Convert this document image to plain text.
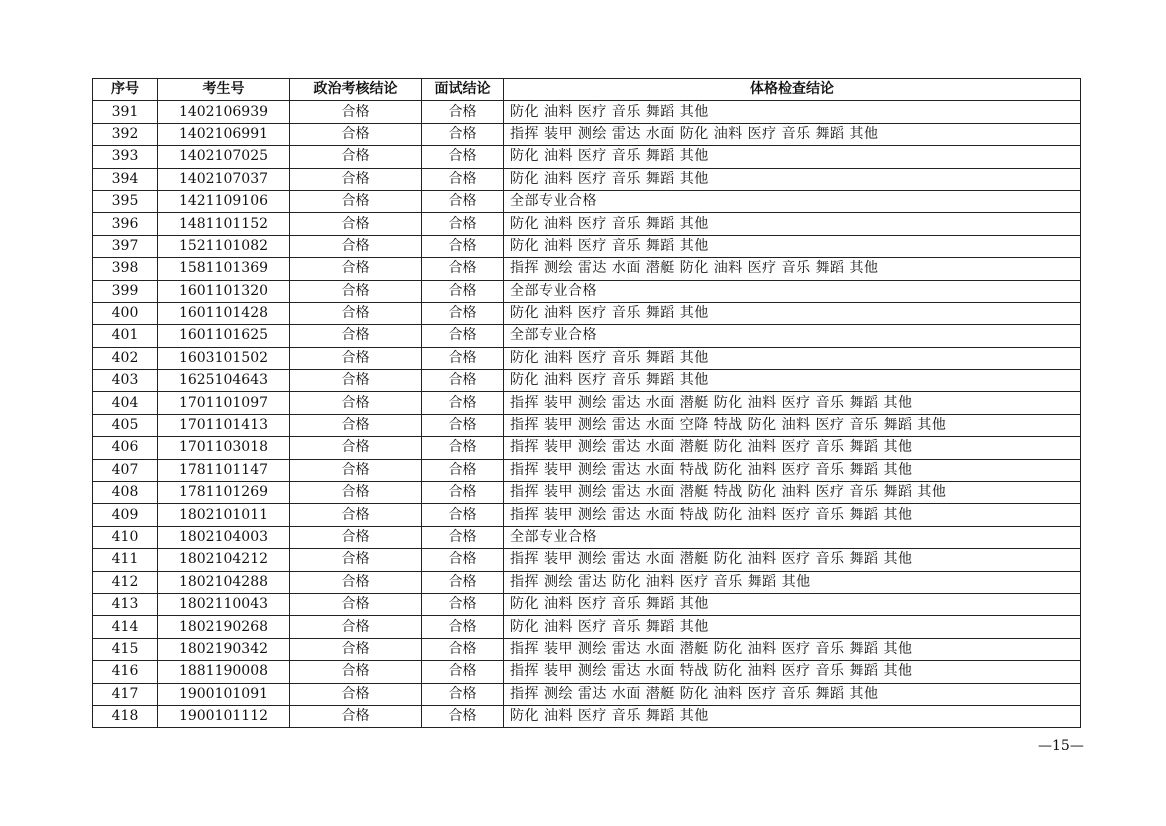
序号	考生号	政治考核结论	面试结论	体格检查结论
391	1402106939	合格	合格	防化 油料 医疗 音乐 舞蹈 其他
392	1402106991	合格	合格	指挥 装甲 测绘 雷达 水面 防化 油料 医疗 音乐 舞蹈 其他
393	1402107025	合格	合格	防化 油料 医疗 音乐 舞蹈 其他
394	1402107037	合格	合格	防化 油料 医疗 音乐 舞蹈 其他
395	1421109106	合格	合格	全部专业合格
396	1481101152	合格	合格	防化 油料 医疗 音乐 舞蹈 其他
397	1521101082	合格	合格	防化 油料 医疗 音乐 舞蹈 其他
398	1581101369	合格	合格	指挥 测绘 雷达 水面 潜艇 防化 油料 医疗 音乐 舞蹈 其他
399	1601101320	合格	合格	全部专业合格
400	1601101428	合格	合格	防化 油料 医疗 音乐 舞蹈 其他
401	1601101625	合格	合格	全部专业合格
402	1603101502	合格	合格	防化 油料 医疗 音乐 舞蹈 其他
403	1625104643	合格	合格	防化 油料 医疗 音乐 舞蹈 其他
404	1701101097	合格	合格	指挥 装甲 测绘 雷达 水面 潜艇 防化 油料 医疗 音乐 舞蹈 其他
405	1701101413	合格	合格	指挥 装甲 测绘 雷达 水面 空降 特战 防化 油料 医疗 音乐 舞蹈 其他
406	1701103018	合格	合格	指挥 装甲 测绘 雷达 水面 潜艇 防化 油料 医疗 音乐 舞蹈 其他
407	1781101147	合格	合格	指挥 装甲 测绘 雷达 水面 特战 防化 油料 医疗 音乐 舞蹈 其他
408	1781101269	合格	合格	指挥 装甲 测绘 雷达 水面 潜艇 特战 防化 油料 医疗 音乐 舞蹈 其他
409	1802101011	合格	合格	指挥 装甲 测绘 雷达 水面 特战 防化 油料 医疗 音乐 舞蹈 其他
410	1802104003	合格	合格	全部专业合格
411	1802104212	合格	合格	指挥 装甲 测绘 雷达 水面 潜艇 防化 油料 医疗 音乐 舞蹈 其他
412	1802104288	合格	合格	指挥 测绘 雷达 防化 油料 医疗 音乐 舞蹈 其他
413	1802110043	合格	合格	防化 油料 医疗 音乐 舞蹈 其他
414	1802190268	合格	合格	防化 油料 医疗 音乐 舞蹈 其他
415	1802190342	合格	合格	指挥 装甲 测绘 雷达 水面 潜艇 防化 油料 医疗 音乐 舞蹈 其他
416	1881190008	合格	合格	指挥 装甲 测绘 雷达 水面 特战 防化 油料 医疗 音乐 舞蹈 其他
417	1900101091	合格	合格	指挥 测绘 雷达 水面 潜艇 防化 油料 医疗 音乐 舞蹈 其他
418	1900101112	合格	合格	防化 油料 医疗 音乐 舞蹈 其他
—15—
